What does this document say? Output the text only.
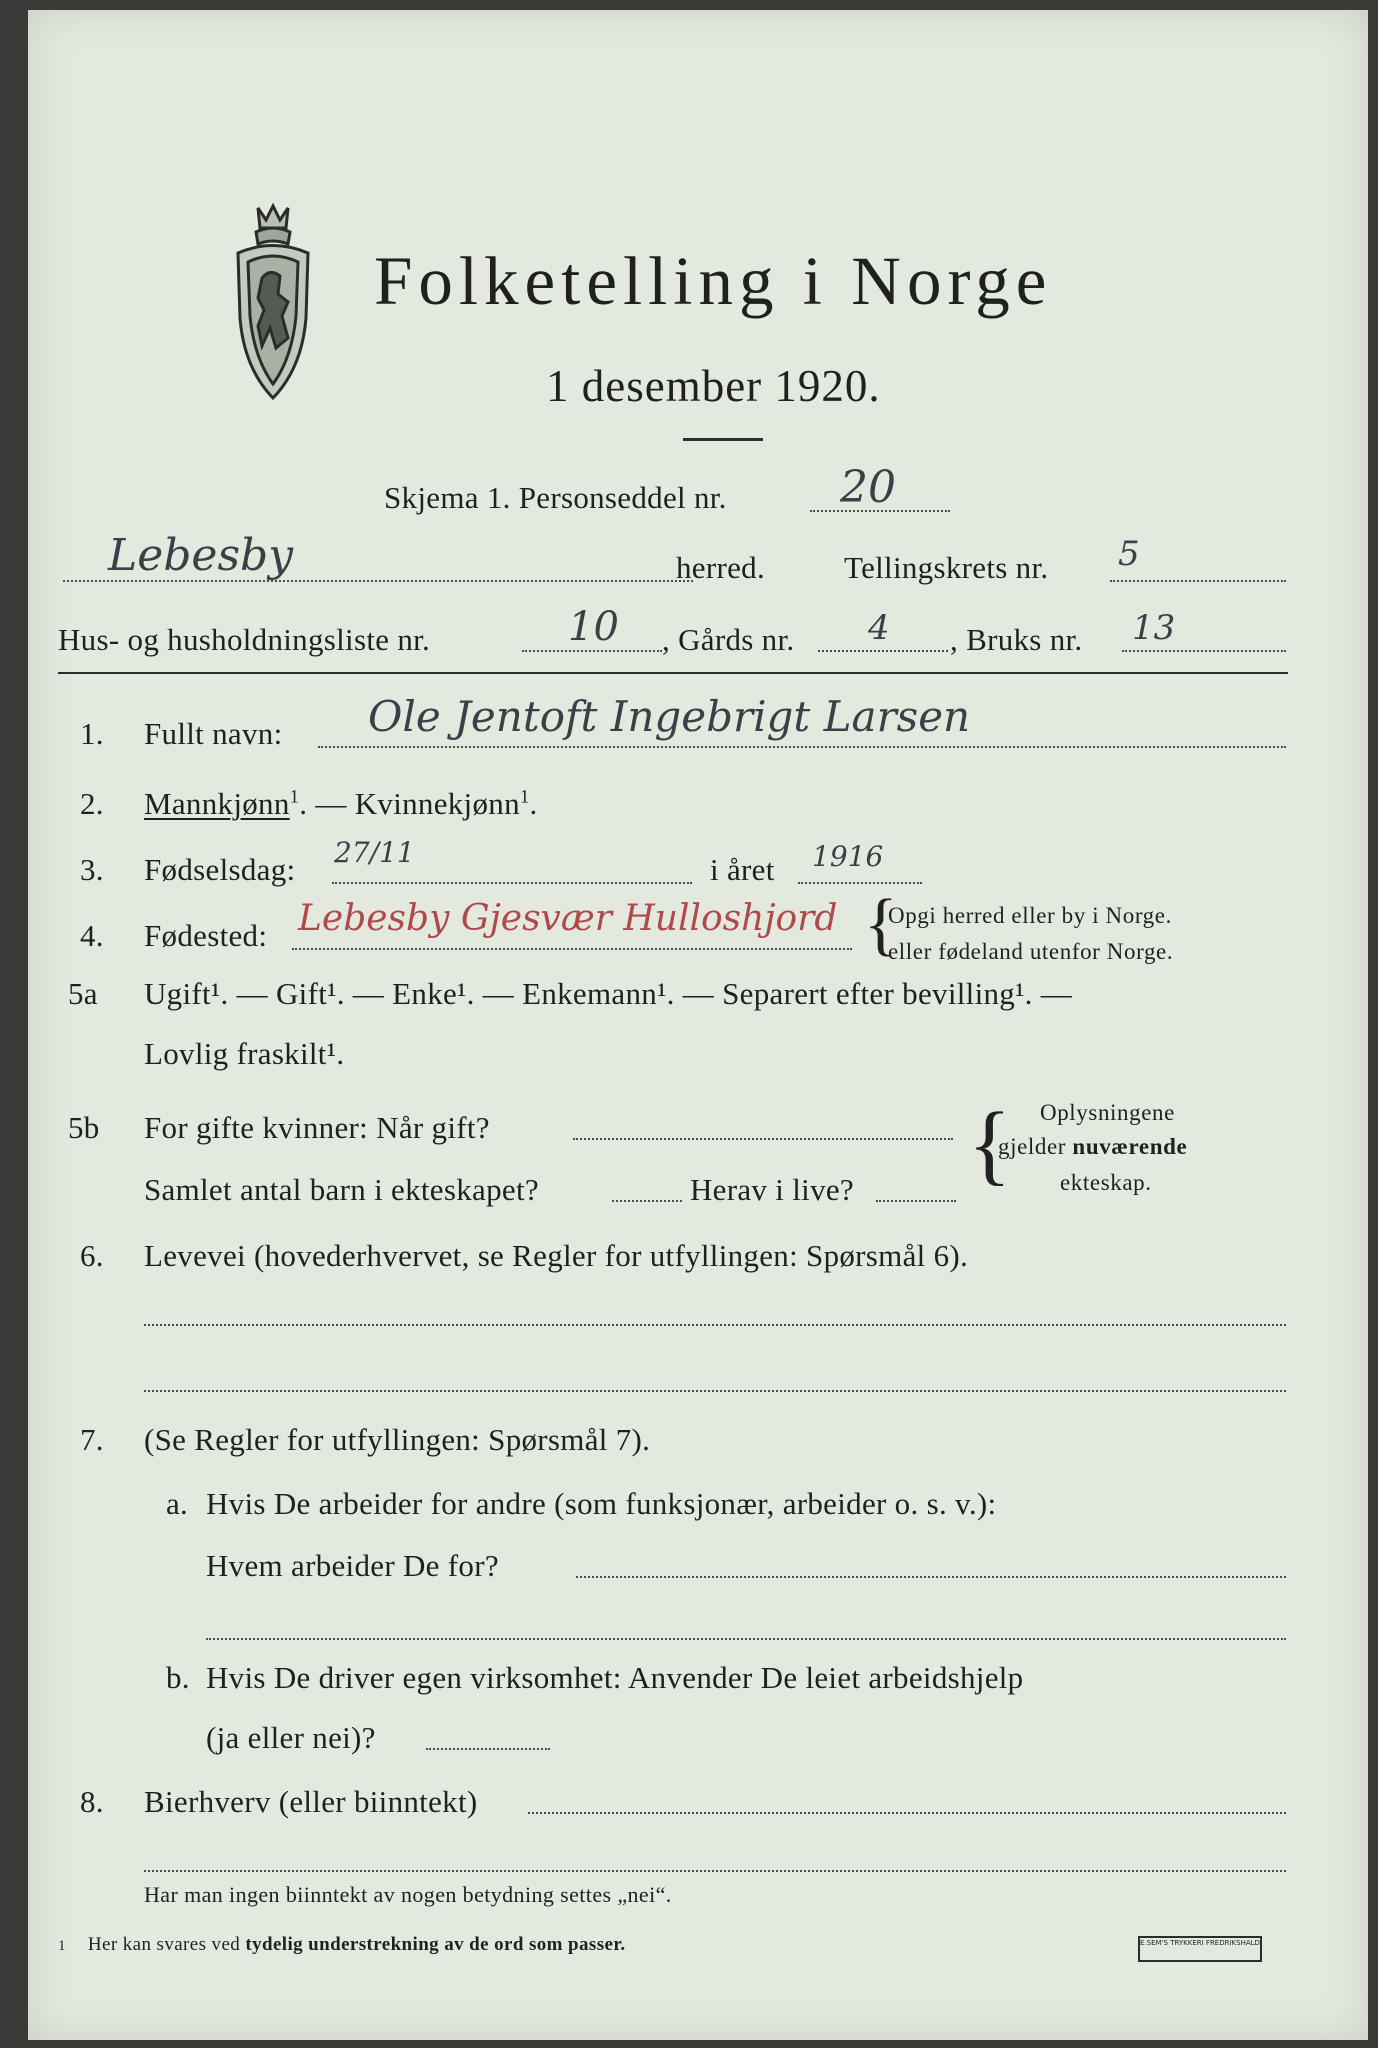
Folketelling i Norge
1 desember 1920.
Skjema 1. Personseddel nr.	20
Lebesby	herred.	Tellingskrets nr. 5
Hus- og husholdningsliste nr.	10 , Gårds nr. 4 , Bruks nr. 13
1. Fullt navn: Ole Jentoft Ingebrigt Larsen
2. Mannkjønn$^1$. — Kvinnekjønn$^1$.
3. Fødselsdag: 27/11	i året 1916
4. Fødested: Lebesby Gjesvær Hulloshjord {
Opgi herred eller by i Norge.
eller fødeland utenfor Norge.
5a Ugift¹. — Gift¹. — Enke¹. — Enkemann¹. — Separert efter bevilling¹. —
Lovlig fraskilt¹.
5b For gifte kvinner: Når gift?
Samlet antal barn i ekteskapet?	Herav i live? { Oplysningene
gjelder nuværende
ekteskap.
6. Levevei (hovederhvervet, se Regler for utfyllingen: Spørsmål 6).
7. (Se Regler for utfyllingen: Spørsmål 7).
a. Hvis De arbeider for andre (som funksjonær, arbeider o. s. v.):
Hvem arbeider De for?
b. Hvis De driver egen virksomhet: Anvender De leiet arbeidshjelp
(ja eller nei)?
8. Bierhverv (eller biinntekt)
Har man ingen biinntekt av nogen betydning settes „nei“.
1 Her kan svares ved tydelig understrekning av de ord som passer.	E.SEM'S TRYKKERI FREDRIKSHALD
